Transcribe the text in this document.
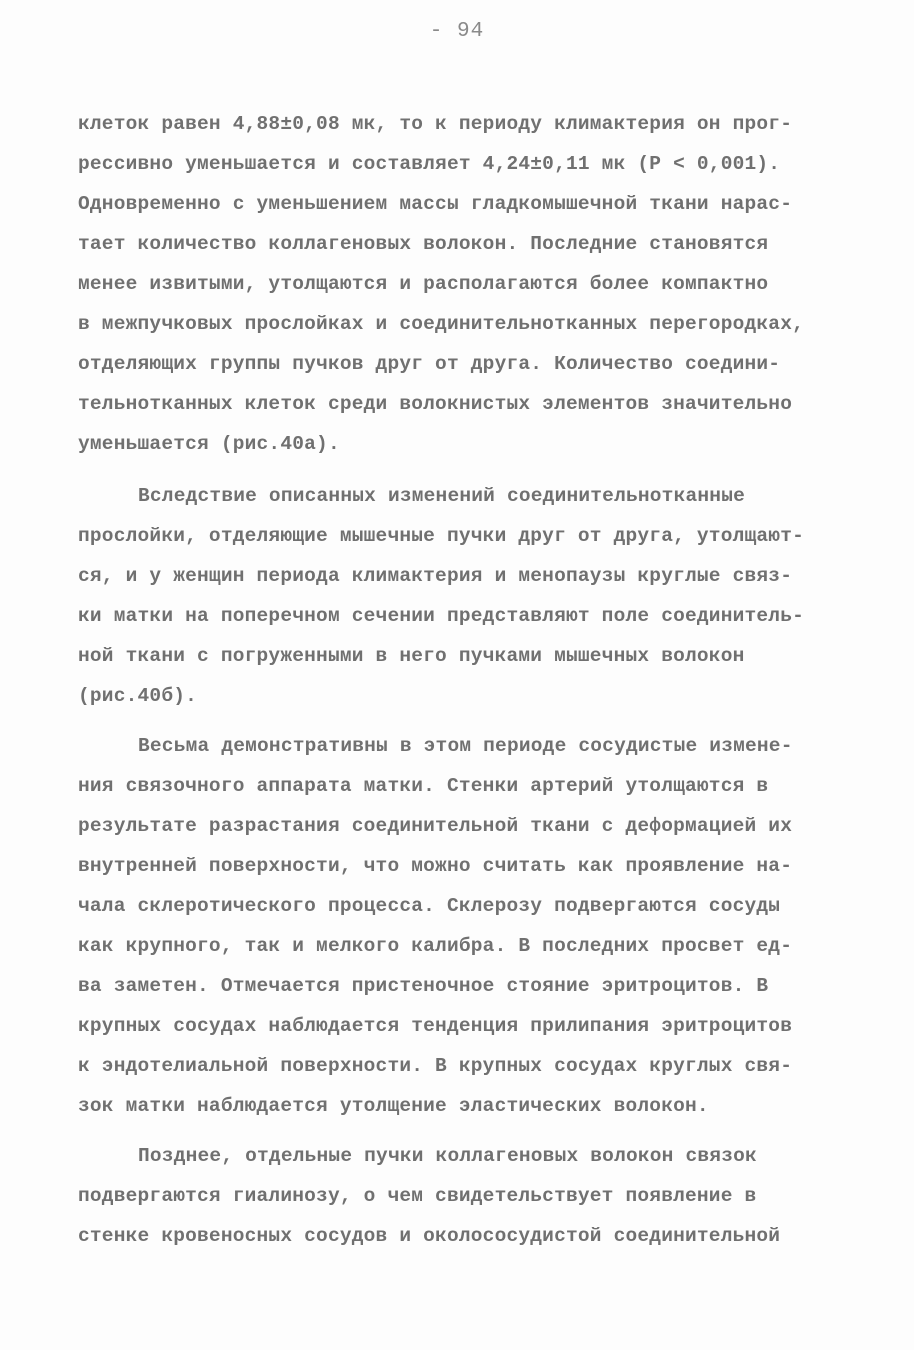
- 94
клеток равен 4,88±0,08 мк, то к периоду климактерия он прог-
рессивно уменьшается и составляет 4,24±0,11 мк (Р < 0,001).
Одновременно с уменьшением массы гладкомышечной ткани нарас-
тает количество коллагеновых волокон. Последние становятся
менее извитыми, утолщаются и располагаются более компактно
в межпучковых прослойках и соединительнотканных перегородках,
отделяющих группы пучков друг от друга. Количество соедини-
тельнотканных клеток среди волокнистых элементов значительно
уменьшается (рис.40а).
Вследствие описанных изменений соединительнотканные
прослойки, отделяющие мышечные пучки друг от друга, утолщают-
ся, и у женщин периода климактерия и менопаузы круглые связ-
ки матки на поперечном сечении представляют поле соединитель-
ной ткани с погруженными в него пучками мышечных волокон
(рис.40б).
Весьма демонстративны в этом периоде сосудистые измене-
ния связочного аппарата матки. Стенки артерий утолщаются в
результате разрастания соединительной ткани с деформацией их
внутренней поверхности, что можно считать как проявление на-
чала склеротического процесса. Склерозу подвергаются сосуды
как крупного, так и мелкого калибра. В последних просвет ед-
ва заметен. Отмечается пристеночное стояние эритроцитов. В
крупных сосудах наблюдается тенденция прилипания эритроцитов
к эндотелиальной поверхности. В крупных сосудах круглых свя-
зок матки наблюдается утолщение эластических волокон.
Позднее, отдельные пучки коллагеновых волокон связок
подвергаются гиалинозу, о чем свидетельствует появление в
стенке кровеносных сосудов и околососудистой соединительной
